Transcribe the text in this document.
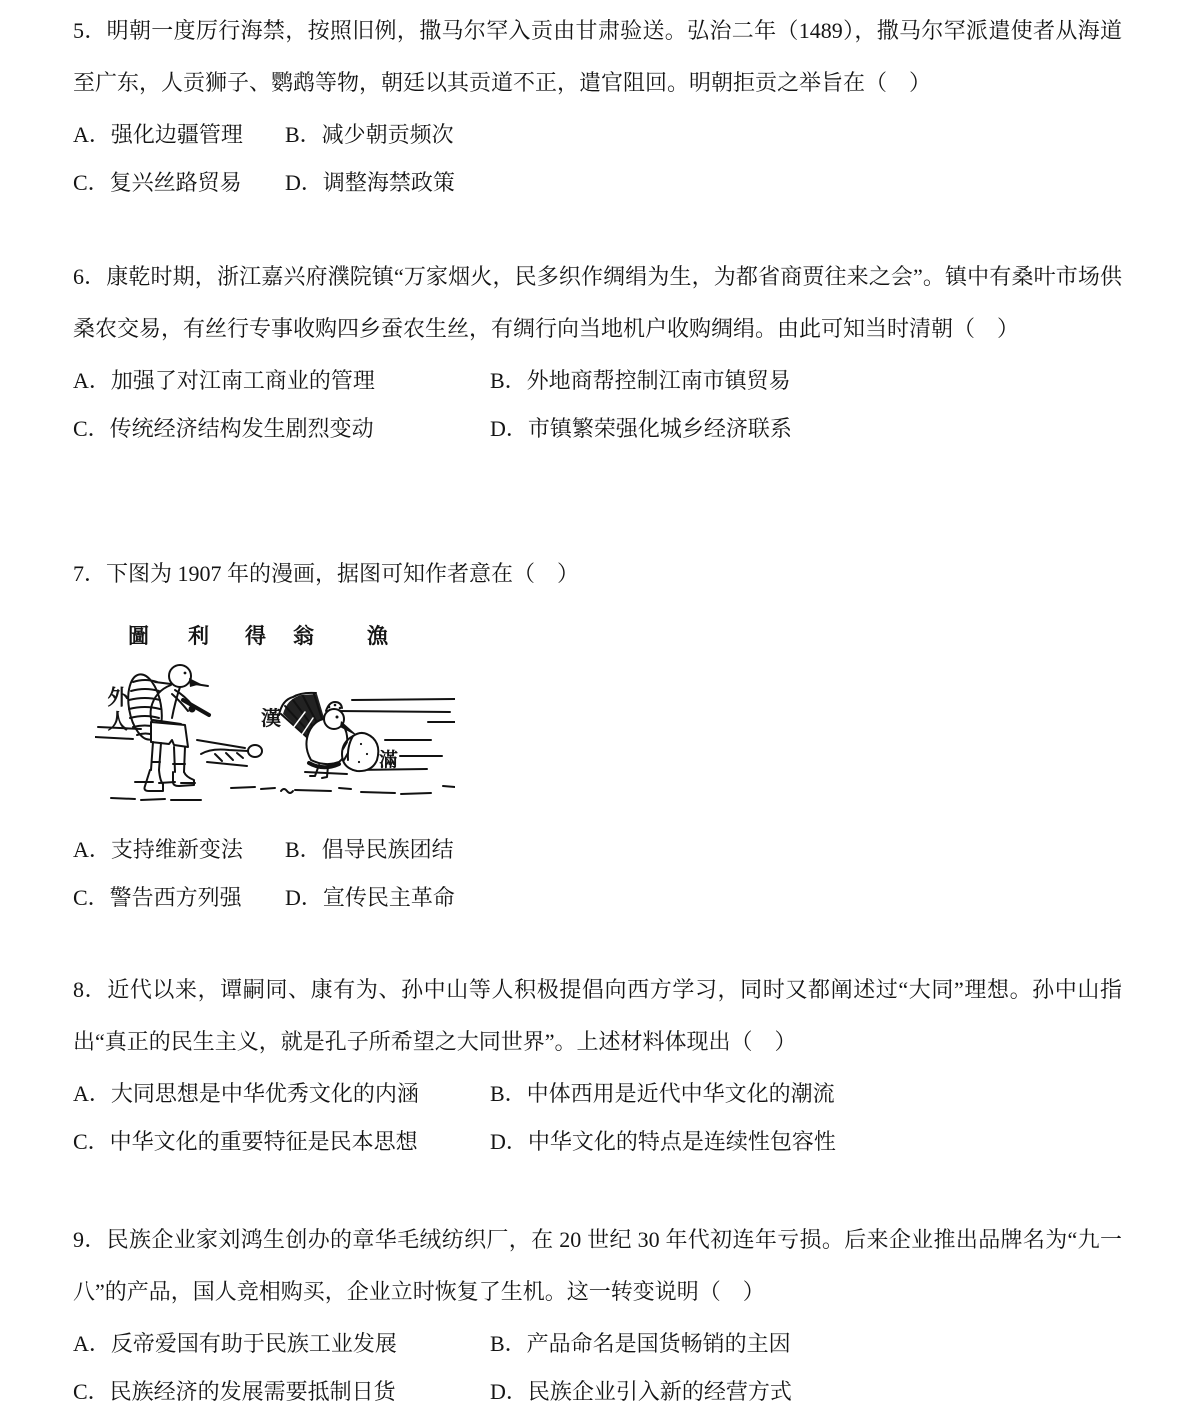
5．明朝一度厉行海禁，按照旧例，撒马尔罕入贡由甘肃验送。弘治二年（1489），撒马尔罕派遣使者从海道至广东，人贡狮子、鹦鹉等物，朝廷以其贡道不正，遣官阻回。明朝拒贡之举旨在（　）

A．强化边疆管理	B．减少朝贡频次
C．复兴丝路贸易	D．调整海禁政策

6．康乾时期，浙江嘉兴府濮院镇“万家烟火，民多织作绸绢为生，为都省商贾往来之会”。镇中有桑叶市场供桑农交易，有丝行专事收购四乡蚕农生丝，有绸行向当地机户收购绸绢。由此可知当时清朝（　）

A．加强了对江南工商业的管理	B．外地商帮控制江南市镇贸易
C．传统经济结构发生剧烈变动	D．市镇繁荣强化城乡经济联系

7．下图为 1907 年的漫画，据图可知作者意在（　）

圖 利 得 翁	漁
外人	漢
滿
A．支持维新变法	B．倡导民族团结
C．警告西方列强	D．宣传民主革命

8．近代以来，谭嗣同、康有为、孙中山等人积极提倡向西方学习，同时又都阐述过“大同”理想。孙中山指出“真正的民生主义，就是孔子所希望之大同世界”。上述材料体现出（　）

A．大同思想是中华优秀文化的内涵	B．中体西用是近代中华文化的潮流
C．中华文化的重要特征是民本思想	D．中华文化的特点是连续性包容性

9．民族企业家刘鸿生创办的章华毛绒纺织厂，在 20 世纪 30 年代初连年亏损。后来企业推出品牌名为“九一八”的产品，国人竞相购买，企业立时恢复了生机。这一转变说明（　）

A．反帝爱国有助于民族工业发展	B．产品命名是国货畅销的主因
C．民族经济的发展需要抵制日货	D．民族企业引入新的经营方式
